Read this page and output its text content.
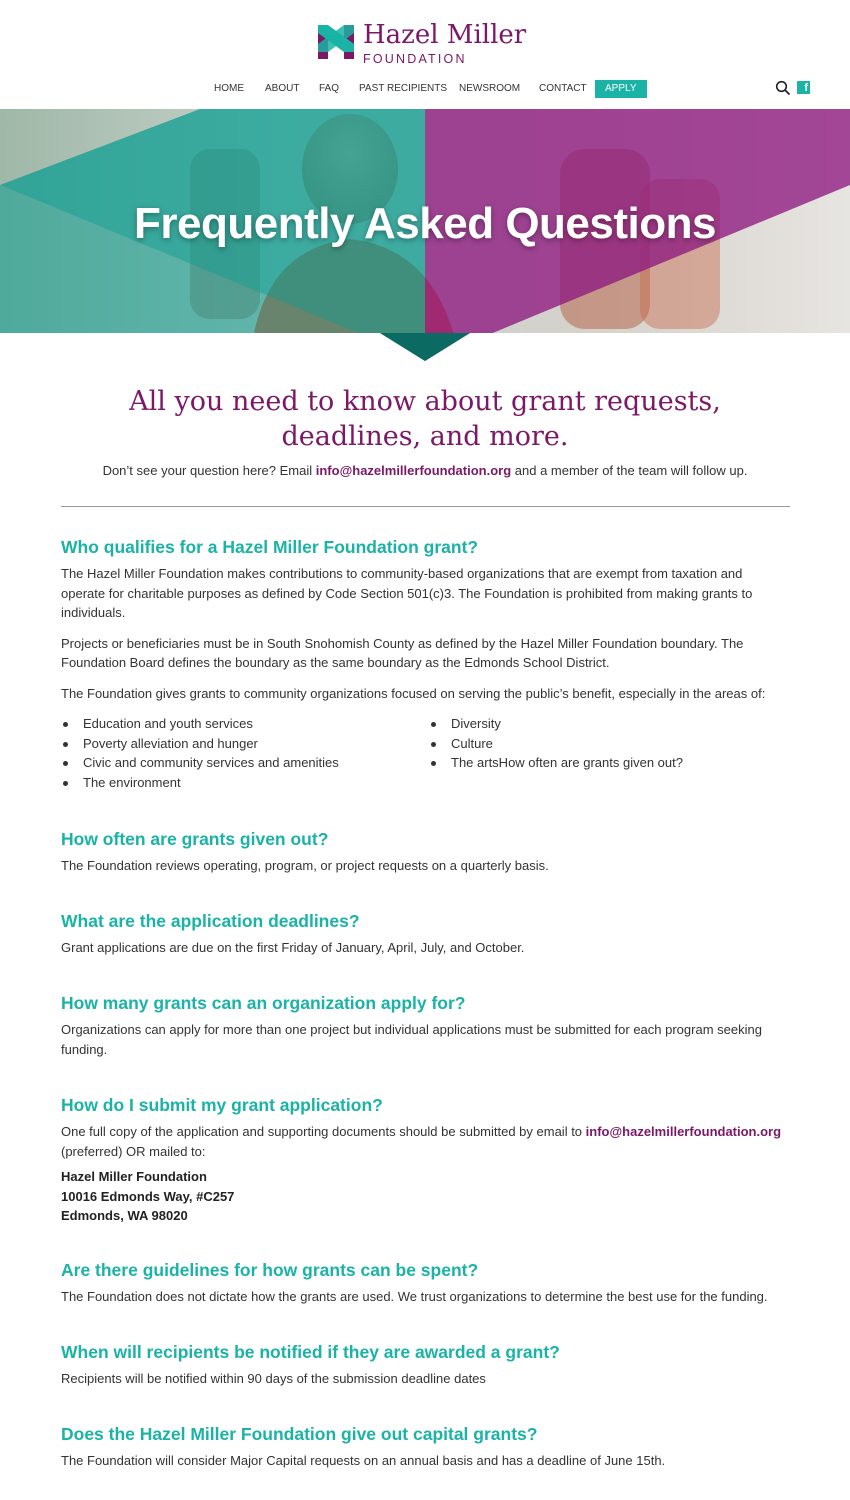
Hazel Miller
FOUNDATION
HOME ABOUT FAQ PAST RECIPIENTS NEWSROOM CONTACT	APPLY	f
Frequently Asked Questions
All you need to know about grant requests, deadlines, and more.
Don’t see your question here? Email info@hazelmillerfoundation.org and a member of the team will follow up.
Who qualifies for a Hazel Miller Foundation grant?

The Hazel Miller Foundation makes contributions to community-based organizations that are exempt from taxation and operate for charitable purposes as defined by Code Section 501(c)3. The Foundation is prohibited from making grants to individuals.

Projects or beneficiaries must be in South Snohomish County as defined by the Hazel Miller Foundation boundary. The Foundation Board defines the boundary as the same boundary as the Edmonds School District.

The Foundation gives grants to community organizations focused on serving the public’s benefit, especially in the areas of:

Education and youth services
Poverty alleviation and hunger
Civic and community services and amenities
The environment
Diversity
Culture
The artsHow often are grants given out?
How often are grants given out?

The Foundation reviews operating, program, or project requests on a quarterly basis.

What are the application deadlines?

Grant applications are due on the first Friday of January, April, July, and October.

How many grants can an organization apply for?

Organizations can apply for more than one project but individual applications must be submitted for each program seeking funding.

How do I submit my grant application?

One full copy of the application and supporting documents should be submitted by email to info@hazelmillerfoundation.org (preferred) OR mailed to:

Hazel Miller Foundation
10016 Edmonds Way, #C257
Edmonds, WA 98020
Are there guidelines for how grants can be spent?

The Foundation does not dictate how the grants are used. We trust organizations to determine the best use for the funding.

When will recipients be notified if they are awarded a grant?

Recipients will be notified within 90 days of the submission deadline dates

Does the Hazel Miller Foundation give out capital grants?

The Foundation will consider Major Capital requests on an annual basis and has a deadline of June 15th.
